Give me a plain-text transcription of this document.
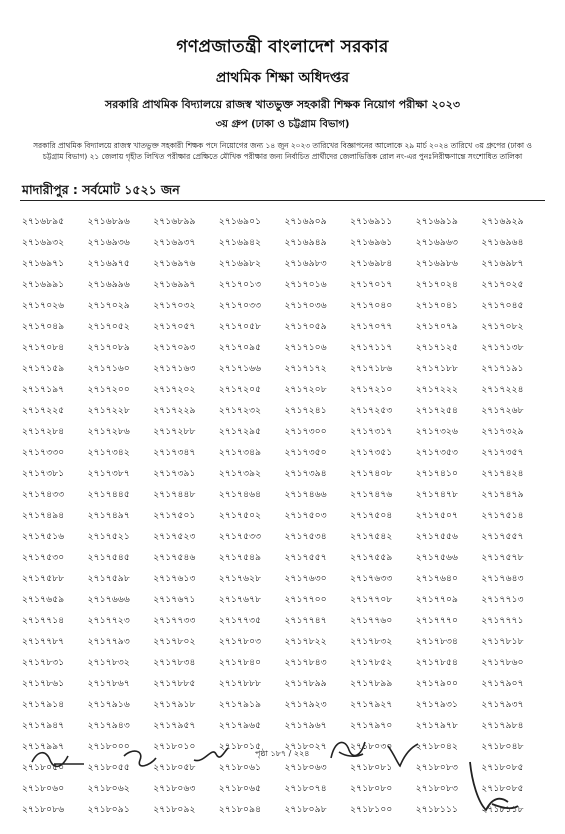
গণপ্রজাতন্ত্রী বাংলাদেশ সরকার
প্রাথমিক শিক্ষা অধিদপ্তর
সরকারি প্রাথমিক বিদ্যালয়ে রাজস্ব খাতভুক্ত সহকারী শিক্ষক নিয়োগ পরীক্ষা ২০২৩
৩য় গ্রুপ (ঢাকা ও চট্টগ্রাম বিভাগ)
সরকারি প্রাথমিক বিদ্যালয়ে রাজস্ব খাতভুক্ত সহকারী শিক্ষক পদে নিয়োগের জন্য ১৪ জুন ২০২৩ তারিখের বিজ্ঞাপনের আলোকে ২৯ মার্চ ২০২৪ তারিখে ৩য় গ্রুপের (ঢাকা ও চট্টগ্রাম বিভাগ) ২১ জেলায় গৃহীত লিখিত পরীক্ষার প্রেক্ষিতে মৌখিক পরীক্ষার জন্য নির্বাচিত প্রার্থীদের জেলাভিত্তিক রোল নং-এর পুনঃনিরীক্ষণান্তে সংশোধিত তালিকা
মাদারীপুর : সর্বমোট ১৫২১ জন
২৭১৬৮৯৫	২৭১৬৮৯৬	২৭১৬৮৯৯	২৭১৬৯০১	২৭১৬৯০৯	২৭১৬৯১১	২৭১৬৯১৯	২৭১৬৯২৯
২৭১৬৯৩২	২৭১৬৯৩৬	২৭১৬৯৩৭	২৭১৬৯৪২	২৭১৬৯৪৯	২৭১৬৯৬১	২৭১৬৯৬৩	২৭১৬৯৬৪
২৭১৬৯৭১	২৭১৬৯৭৫	২৭১৬৯৭৬	২৭১৬৯৮২	২৭১৬৯৮৩	২৭১৬৯৮৪	২৭১৬৯৮৬	২৭১৬৯৮৭
২৭১৬৯৯১	২৭১৬৯৯৬	২৭১৬৯৯৭	২৭১৭০১৩	২৭১৭০১৬	২৭১৭০১৭	২৭১৭০২৪	২৭১৭০২৫
২৭১৭০২৬	২৭১৭০২৯	২৭১৭০৩২	২৭১৭০৩৩	২৭১৭০৩৬	২৭১৭০৪০	২৭১৭০৪১	২৭১৭০৪৫
২৭১৭০৪৯	২৭১৭০৫২	২৭১৭০৫৭	২৭১৭০৫৮	২৭১৭০৫৯	২৭১৭০৭৭	২৭১৭০৭৯	২৭১৭০৮২
২৭১৭০৮৪	২৭১৭০৮৯	২৭১৭০৯৩	২৭১৭০৯৫	২৭১৭১০৬	২৭১৭১১৭	২৭১৭১২৫	২৭১৭১৩৮
২৭১৭১৫৯	২৭১৭১৬০	২৭১৭১৬৩	২৭১৭১৬৬	২৭১৭১৭২	২৭১৭১৮৬	২৭১৭১৮৮	২৭১৭১৯১
২৭১৭১৯৭	২৭১৭২০০	২৭১৭২০২	২৭১৭২০৫	২৭১৭২০৮	২৭১৭২১০	২৭১৭২২২	২৭১৭২২৪
২৭১৭২২৫	২৭১৭২২৮	২৭১৭২২৯	২৭১৭২৩২	২৭১৭২৪১	২৭১৭২৫৩	২৭১৭২৫৪	২৭১৭২৬৮
২৭১৭২৮৪	২৭১৭২৮৬	২৭১৭২৮৮	২৭১৭২৯৫	২৭১৭৩০০	২৭১৭৩১৭	২৭১৭৩২৬	২৭১৭৩২৯
২৭১৭৩৩০	২৭১৭৩৪২	২৭১৭৩৪৭	২৭১৭৩৪৯	২৭১৭৩৫০	২৭১৭৩৫১	২৭১৭৩৫৩	২৭১৭৩৫৭
২৭১৭৩৮১	২৭১৭৩৮৭	২৭১৭৩৯১	২৭১৭৩৯২	২৭১৭৩৯৪	২৭১৭৪০৮	২৭১৭৪১০	২৭১৭৪২৪
২৭১৭৪৩৩	২৭১৭৪৪৫	২৭১৭৪৪৮	২৭১৭৪৬৪	২৭১৭৪৬৬	২৭১৭৪৭৬	২৭১৭৪৭৮	২৭১৭৪৭৯
২৭১৭৪৯৪	২৭১৭৪৯৭	২৭১৭৫০১	২৭১৭৫০২	২৭১৭৫০৩	২৭১৭৫০৪	২৭১৭৫০৭	২৭১৭৫১৪
২৭১৭৫১৬	২৭১৭৫২১	২৭১৭৫২৩	২৭১৭৫৩৩	২৭১৭৫৩৪	২৭১৭৫৪২	২৭১৭৫৫৬	২৭১৭৫৫৭
২৭১৭৫৩০	২৭১৭৫৪৫	২৭১৭৫৪৬	২৭১৭৫৪৯	২৭১৭৫৫৭	২৭১৭৫৫৯	২৭১৭৫৬৬	২৭১৭৫৭৮
২৭১৭৫৮৮	২৭১৭৫৯৮	২৭১৭৬১৩	২৭১৭৬২৮	২৭১৭৬৩০	২৭১৭৬৩৩	২৭১৭৬৪০	২৭১৭৬৪৩
২৭১৭৬৫৯	২৭১৭৬৬৬	২৭১৭৬৭১	২৭১৭৬৭৮	২৭১৭৭০০	২৭১৭৭০৮	২৭১৭৭০৯	২৭১৭৭১৩
২৭১৭৭১৪	২৭১৭৭২৩	২৭১৭৭৩৩	২৭১৭৭৩৫	২৭১৭৭৪৭	২৭১৭৭৬০	২৭১৭৭৭০	২৭১৭৭৭১
২৭১৭৭৮৭	২৭১৭৭৯৩	২৭১৭৮০২	২৭১৭৮০৩	২৭১৭৮২২	২৭১৭৮৩২	২৭১৭৮৩৪	২৭১৭৮১৮
২৭১৭৮৩১	২৭১৭৮৩২	২৭১৭৮৩৪	২৭১৭৮৪০	২৭১৭৮৪৩	২৭১৭৮৫২	২৭১৭৮৫৪	২৭১৭৮৬০
২৭১৭৮৬১	২৭১৭৮৬৭	২৭১৭৮৮৫	২৭১৭৮৮৮	২৭১৭৮৯৯	২৭১৭৮৯৯	২৭১৭৯০০	২৭১৭৯০৭
২৭১৭৯১৪	২৭১৭৯১৬	২৭১৭৯১৮	২৭১৭৯১৯	২৭১৭৯২৩	২৭১৭৯২৭	২৭১৭৯৩১	২৭১৭৯৩৭
২৭১৭৯৪৭	২৭১৭৯৪৩	২৭১৭৯৫৭	২৭১৭৯৬৫	২৭১৭৯৬৭	২৭১৭৯৭০	২৭১৭৯৭৮	২৭১৭৯৮৪
২৭১৭৯৯৭	২৭১৮০০০	২৭১৮০১০	২৭১৮০১৫	২৭১৮০২৭	২৭১৮০৩০	২৭১৮০৪২	২৭১৮০৪৮
২৭১৮০৫০	২৭১৮০৫৫	২৭১৮০৫৮	২৭১৮০৬১	২৭১৮০৬৩	২৭১৮০৮১	২৭১৮০৮৩	২৭১৮০৮৫
২৭১৮০৬০	২৭১৮০৬২	২৭১৮০৬৩	২৭১৮০৬৫	২৭১৮০৭৪	২৭১৮০৮০	২৭১৮০৮৩	২৭১৮০৮৫
২৭১৮০৮৬	২৭১৮০৯১	২৭১৮০৯২	২৭১৮০৯৪	২৭১৮০৯৮	২৭১৮১০০	২৭১৮১১১	২৭১৮১১৮
পৃষ্ঠা ১৮৭ / ২২৪
